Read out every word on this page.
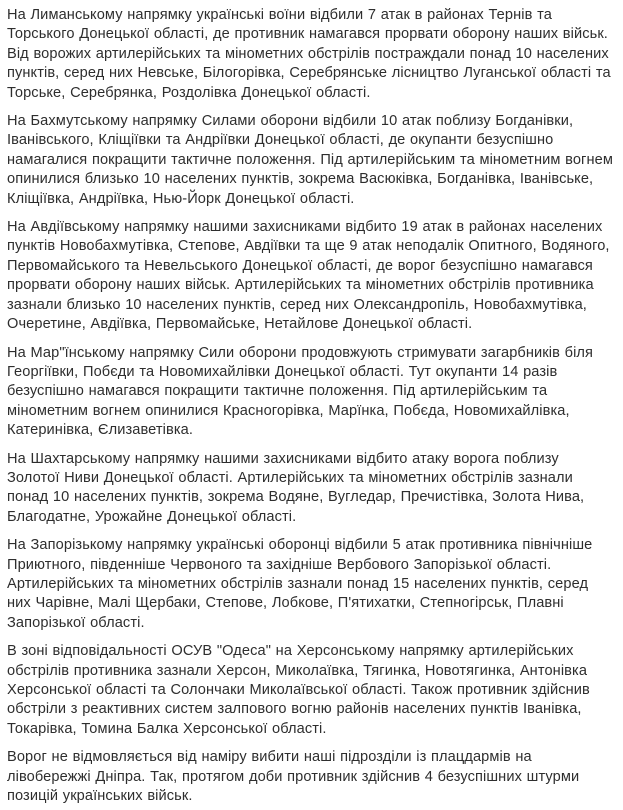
На Лиманському напрямку українські воїни відбили 7 атак в районах Тернів та Торського Донецької області, де противник намагався прорвати оборону наших військ. Від ворожих артилерійських та мінометних обстрілів постраждали понад 10 населених пунктів, серед них Невське, Білогорівка, Серебрянське лісництво Луганської області та Торське, Серебрянка, Роздолівка Донецької області.

На Бахмутському напрямку Силами оборони відбили 10 атак поблизу Богданівки, Іванівського, Кліщіївки та Андріївки Донецької області, де окупанти безуспішно намагалися покращити тактичне положення. Під артилерійським та мінометним вогнем опинилися близько 10 населених пунктів, зокрема Васюківка, Богданівка, Іванівське, Кліщіївка, Андріївка, Нью-Йорк Донецької області.

На Авдіївському напрямку нашими захисниками відбито 19 атак в районах населених пунктів Новобахмутівка, Степове, Авдіївки та ще 9 атак неподалік Опитного, Водяного, Первомайського та Невельського Донецької області, де ворог безуспішно намагався прорвати оборону наших військ. Артилерійських та мінометних обстрілів противника зазнали близько 10 населених пунктів, серед них Олександропіль, Новобахмутівка, Очеретине, Авдіївка, Первомайське, Нетайлове Донецької області.

На Мар"їнському напрямку Сили оборони продовжують стримувати загарбників біля Георгіївки, Побєди та Новомихайлівки Донецької області. Тут окупанти 14 разів безуспішно намагався покращити тактичне положення. Під артилерійським та мінометним вогнем опинилися Красногорівка, Марїнка, Побєда, Новомихайлівка, Катеринівка, Єлизаветівка.

На Шахтарському напрямку нашими захисниками відбито атаку ворога поблизу Золотої Ниви Донецької області. Артилерійських та мінометних обстрілів зазнали понад 10 населених пунктів, зокрема Водяне, Вугледар, Пречистівка, Золота Нива, Благодатне, Урожайне Донецької області.

На Запорізькому напрямку українські оборонці відбили 5 атак противника північніше Приютного, південніше Червоного та західніше Вербового Запорізької області. Артилерійських та мінометних обстрілів зазнали понад 15 населених пунктів, серед них Чарівне, Малі Щербаки, Степове, Лобкове, П'ятихатки, Степногірськ, Плавні Запорізької області.

В зоні відповідальності ОСУВ "Одеса" на Херсонському напрямку артилерійських обстрілів противника зазнали Херсон, Миколаївка, Тягинка, Новотягинка, Антонівка Херсонської області та Солончаки Миколаївської області. Також противник здійснив обстріли з реактивних систем залпового вогню районів населених пунктів Іванівка, Токарівка, Томина Балка Херсонської області.

Ворог не відмовляється від наміру вибити наші підрозділи із плацдармів на лівобережжі Дніпра. Так, протягом доби противник здійснив 4 безуспішних штурми позицій українських військ.
